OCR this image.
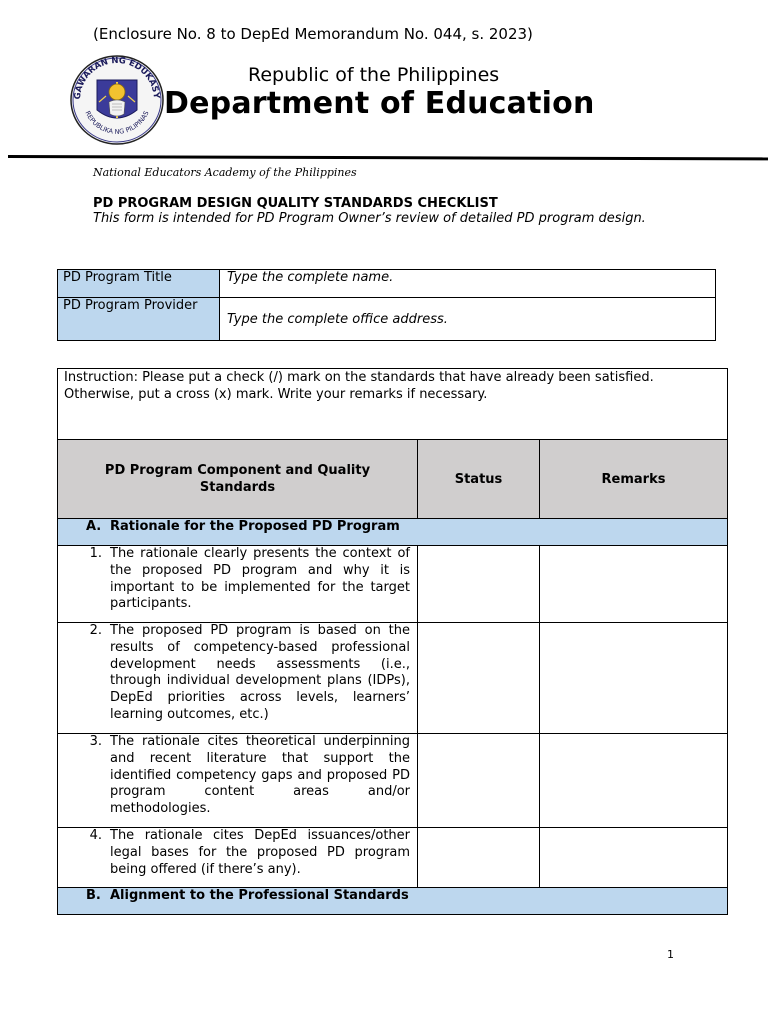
(Enclosure No. 8 to DepEd Memorandum No. 044, s. 2023)
GAWARAN NG EDUKASY
REPUBLIKA NG PILIPINAS
Republic of the Philippines
Department of Education
National Educators Academy of the Philippines
PD PROGRAM DESIGN QUALITY STANDARDS CHECKLIST
This form is intended for PD Program Owner’s review of detailed PD program design.
PD Program Title	Type the complete name.
PD Program Provider	Type the complete office address.
Instruction: Please put a check (/) mark on the standards that have already been satisfied. Otherwise, put a cross (x) mark. Write your remarks if necessary.		
PD Program Component and Quality Standards	Status	Remarks
A. Rationale for the Proposed PD Program		

1. The rationale clearly presents the context of the proposed PD program and why it is important to be implemented for the target participants.		

2. The proposed PD program is based on the results of competency-based professional development needs assessments (i.e., through individual development plans (IDPs), DepEd priorities across levels, learners’ learning outcomes, etc.)		

3. The rationale cites theoretical underpinning and recent literature that support the identified competency gaps and proposed PD program content areas and/or methodologies.		

4. The rationale cites DepEd issuances/other legal bases for the proposed PD program being offered (if there’s any).		

B. Alignment to the Professional Standards		
1
